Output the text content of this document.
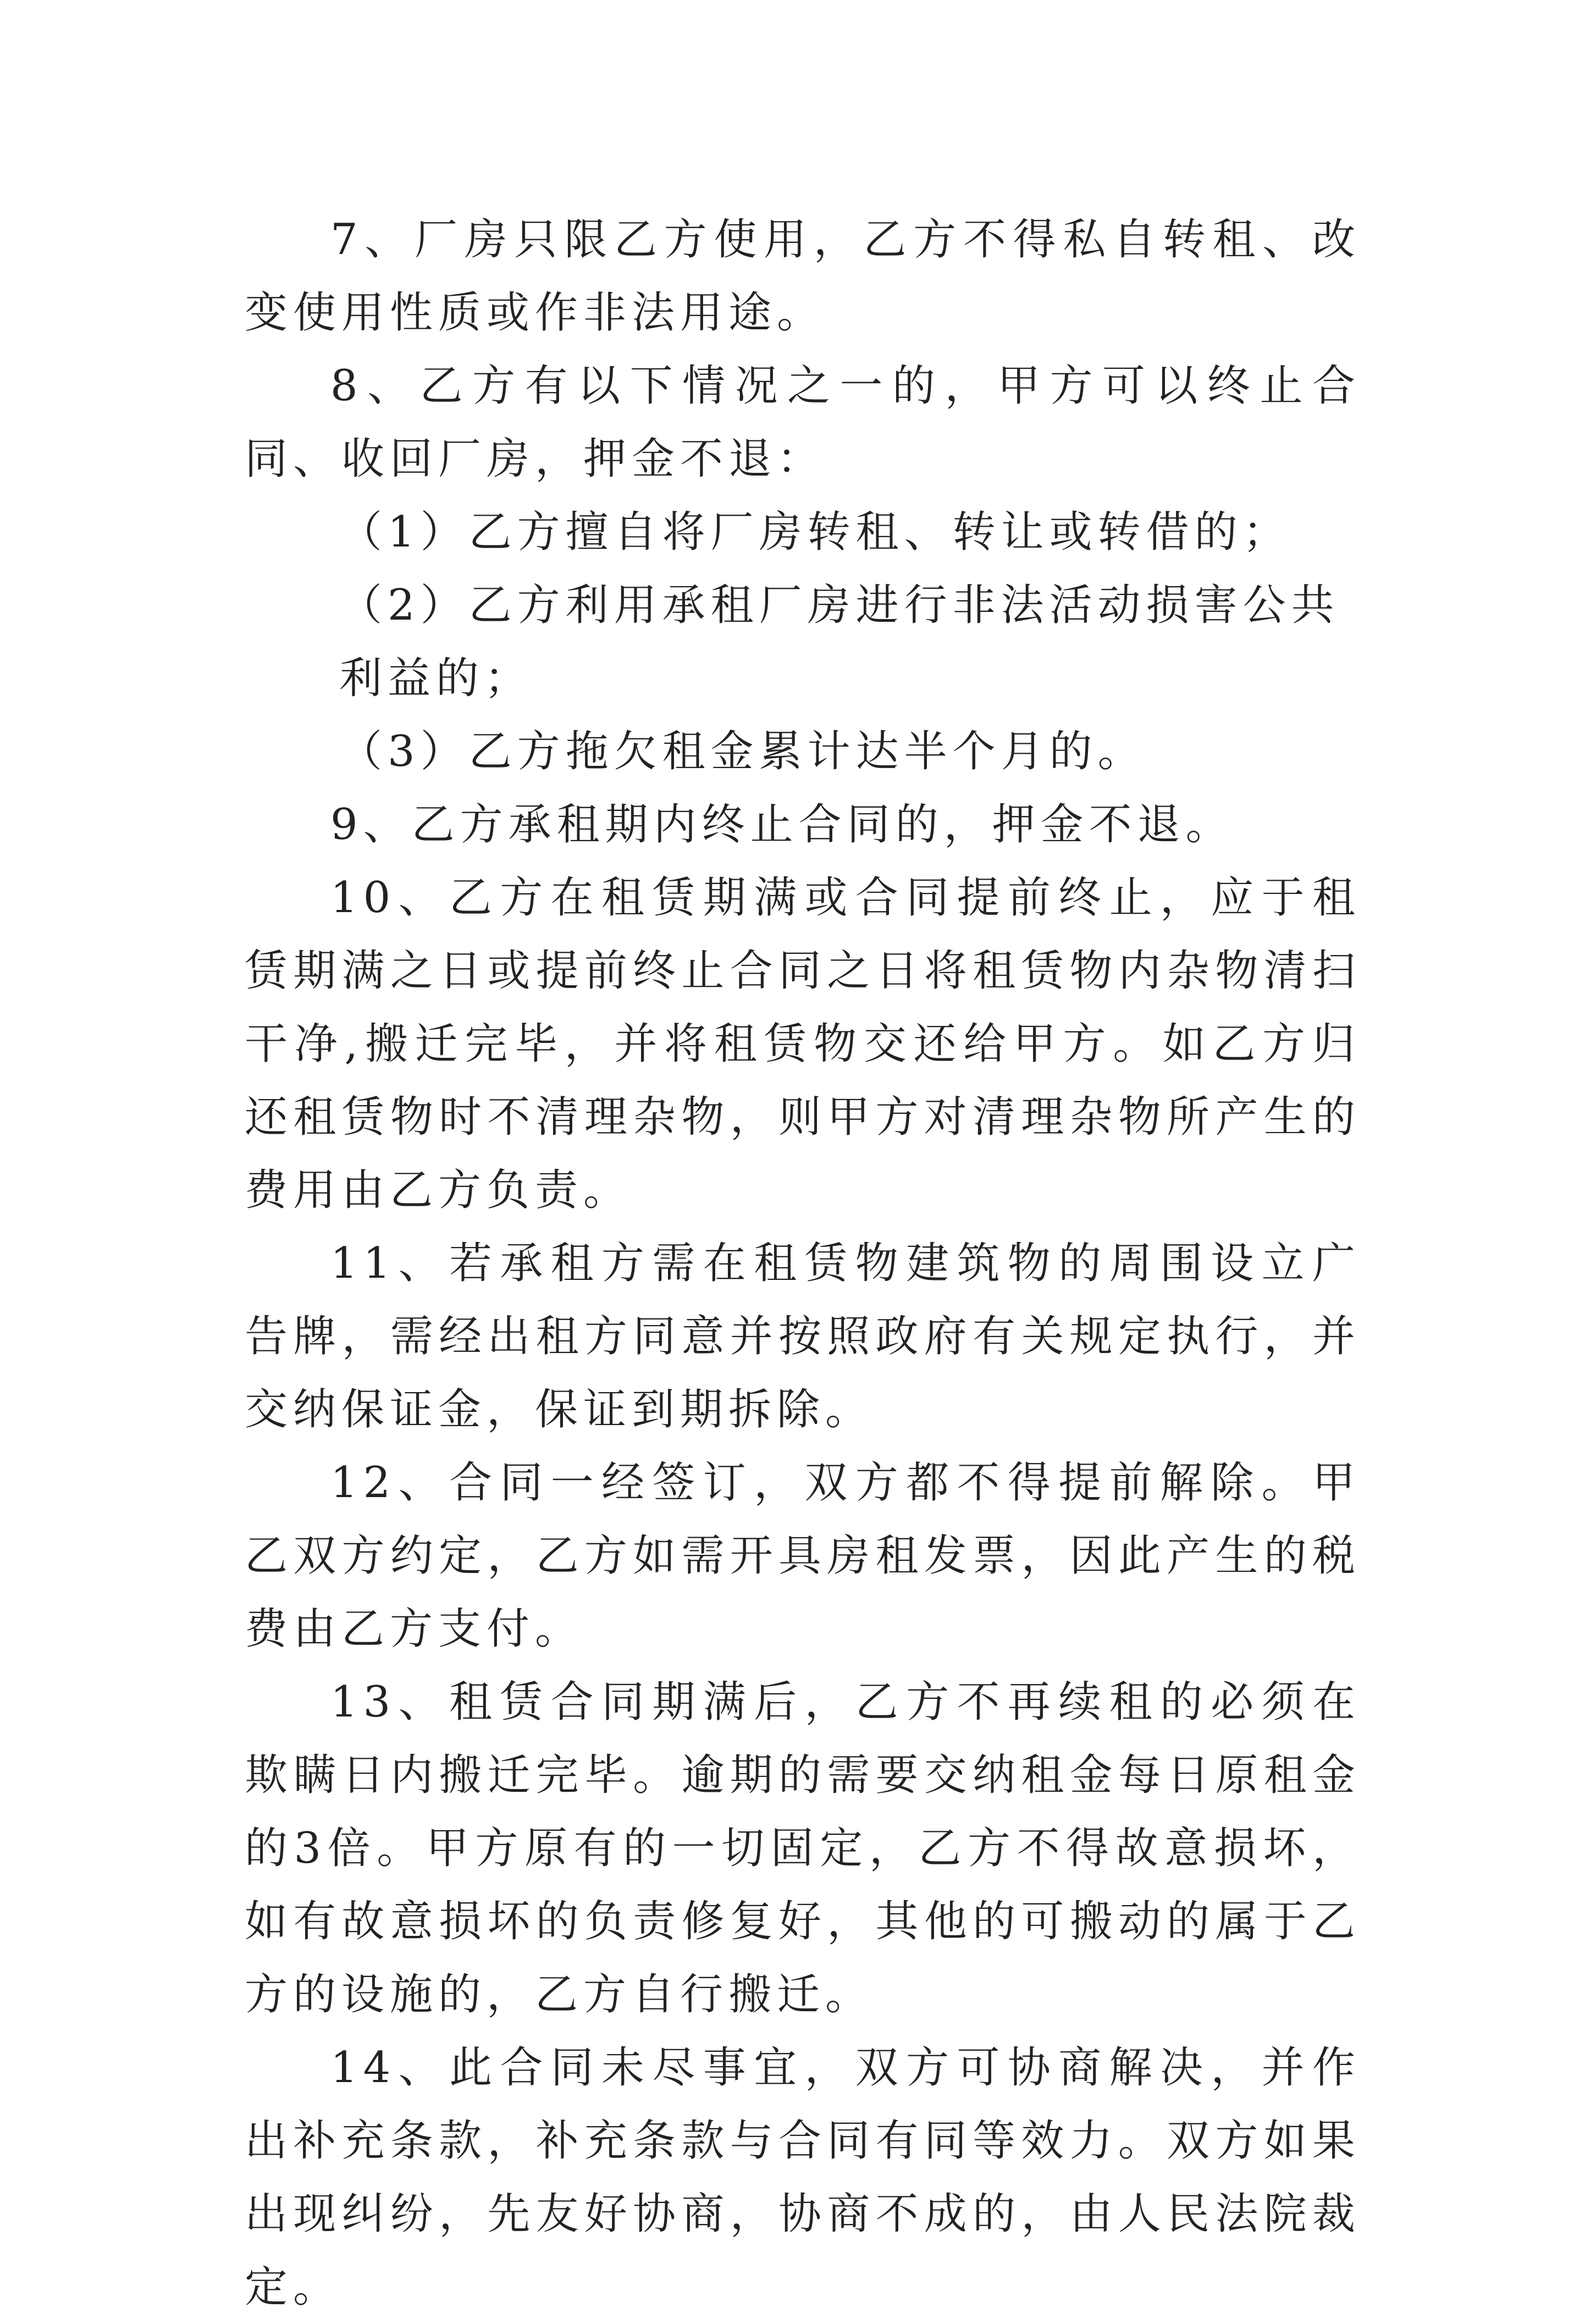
7、厂房只限乙方使用，乙方不得私自转租、改变使用性质或作非法用途。

8、乙方有以下情况之一的，甲方可以终止合同、收回厂房，押金不退：

（1）乙方擅自将厂房转租、转让或转借的；

（2）乙方利用承租厂房进行非法活动损害公共利益的；

（3）乙方拖欠租金累计达半个月的。

9、乙方承租期内终止合同的，押金不退。

10、乙方在租赁期满或合同提前终止，应于租赁期满之日或提前终止合同之日将租赁物内杂物清扫干净,搬迁完毕，并将租赁物交还给甲方。如乙方归还租赁物时不清理杂物，则甲方对清理杂物所产生的费用由乙方负责。

11、若承租方需在租赁物建筑物的周围设立广告牌，需经出租方同意并按照政府有关规定执行，并交纳保证金，保证到期拆除。

12、合同一经签订，双方都不得提前解除。甲乙双方约定，乙方如需开具房租发票，因此产生的税费由乙方支付。

13、租赁合同期满后，乙方不再续租的必须在欺瞒日内搬迁完毕。逾期的需要交纳租金每日原租金的3倍。甲方原有的一切固定，乙方不得故意损坏，如有故意损坏的负责修复好，其他的可搬动的属于乙方的设施的，乙方自行搬迁。

14、此合同未尽事宜，双方可协商解决，并作出补充条款，补充条款与合同有同等效力。双方如果出现纠纷，先友好协商，协商不成的，由人民法院裁定。
